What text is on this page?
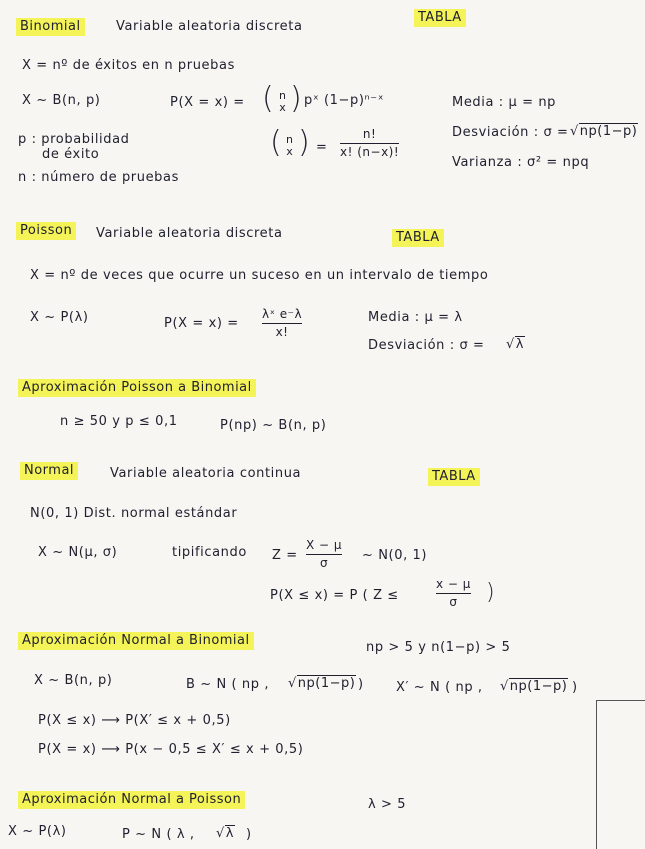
Binomial	Variable aleatoria discreta
TABLA
X = nº de éxitos en n pruebas
X ~ B(n, p)	P(X = x) = ( n
x ) pˣ (1−p)ⁿ⁻ˣ
p : probabilidad
de éxito
n : número de pruebas
( n
x ) =
n!
x! (n−x)!
Media : μ = np
Desviación : σ = √np(1−p)
Varianza : σ² = npq
Poisson	Variable aleatoria discreta	TABLA
X = nº de veces que ocurre un suceso en un intervalo de tiempo
X ~ P(λ)	P(X = x) =
λˣ e⁻λ
x!
Media : μ = λ
Desviación : σ = √λ
Aproximación Poisson a Binomial
n ≥ 50 y p ≤ 0,1	P(np) ~ B(n, p)
Normal	Variable aleatoria continua	TABLA
N(0, 1) Dist. normal estándar
X ~ N(μ, σ)	tipificando Z =
X − μ
σ	~ N(0, 1)
P(X ≤ x) = P ( Z ≤
x − μ
σ )
Aproximación Normal a Binomial	np > 5 y n(1−p) > 5
X ~ B(n, p)	B ~ N ( np , √np(1−p) ) X′ ~ N ( np , √np(1−p) )
P(X ≤ x) ⟶ P(X′ ≤ x + 0,5)
P(X = x) ⟶ P(x − 0,5 ≤ X′ ≤ x + 0,5)
Aproximación Normal a Poisson	λ > 5
X ~ P(λ)	P ~ N ( λ , √λ )
